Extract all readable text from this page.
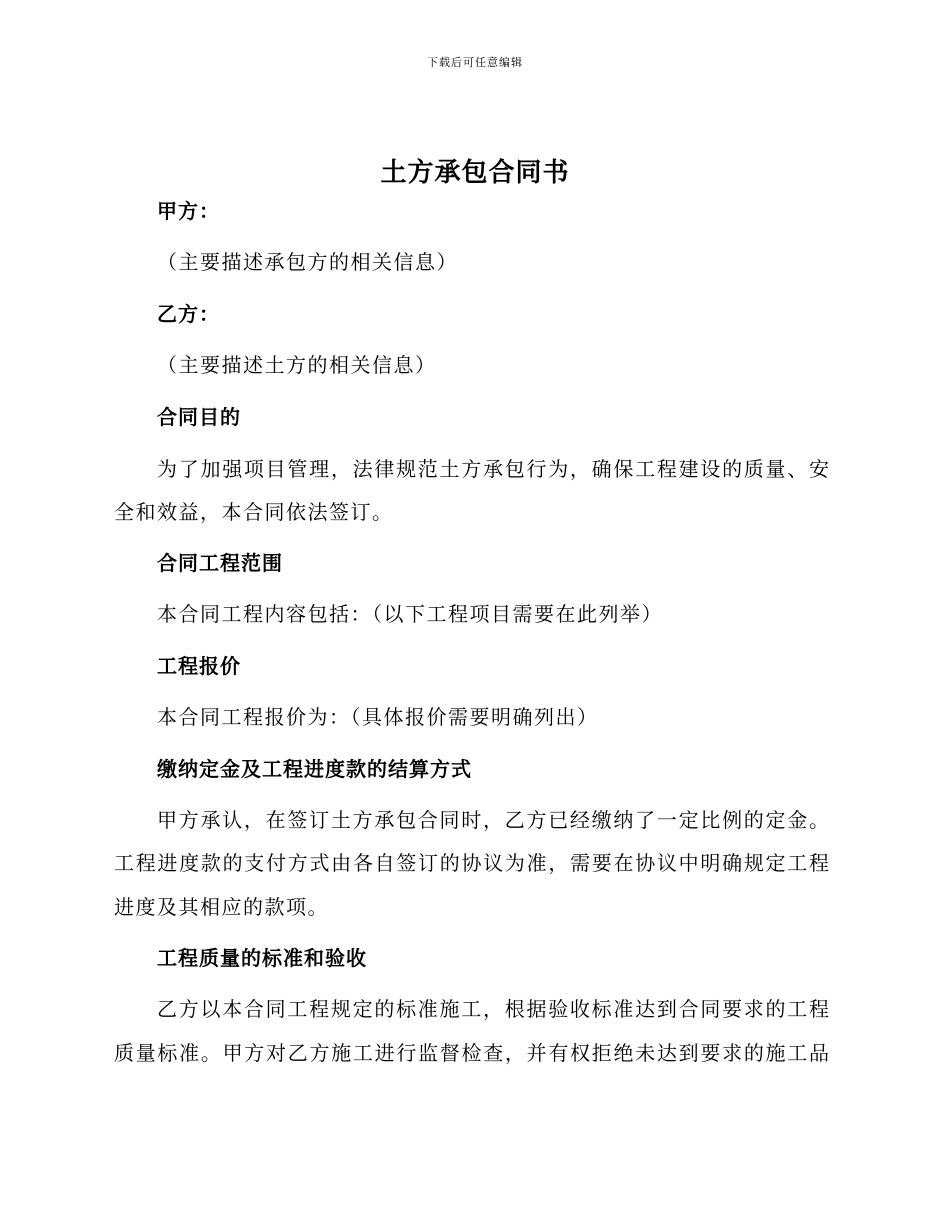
下载后可任意编辑
土方承包合同书
甲方：
（主要描述承包方的相关信息）
乙方：
（主要描述土方的相关信息）
合同目的
为了加强项目管理，法律规范土方承包行为，确保工程建设的质量、安
全和效益，本合同依法签订。
合同工程范围
本合同工程内容包括：（以下工程项目需要在此列举）
工程报价
本合同工程报价为：（具体报价需要明确列出）
缴纳定金及工程进度款的结算方式
甲方承认，在签订土方承包合同时，乙方已经缴纳了一定比例的定金。
工程进度款的支付方式由各自签订的协议为准，需要在协议中明确规定工程
进度及其相应的款项。
工程质量的标准和验收
乙方以本合同工程规定的标准施工，根据验收标准达到合同要求的工程
质量标准。甲方对乙方施工进行监督检查，并有权拒绝未达到要求的施工品
